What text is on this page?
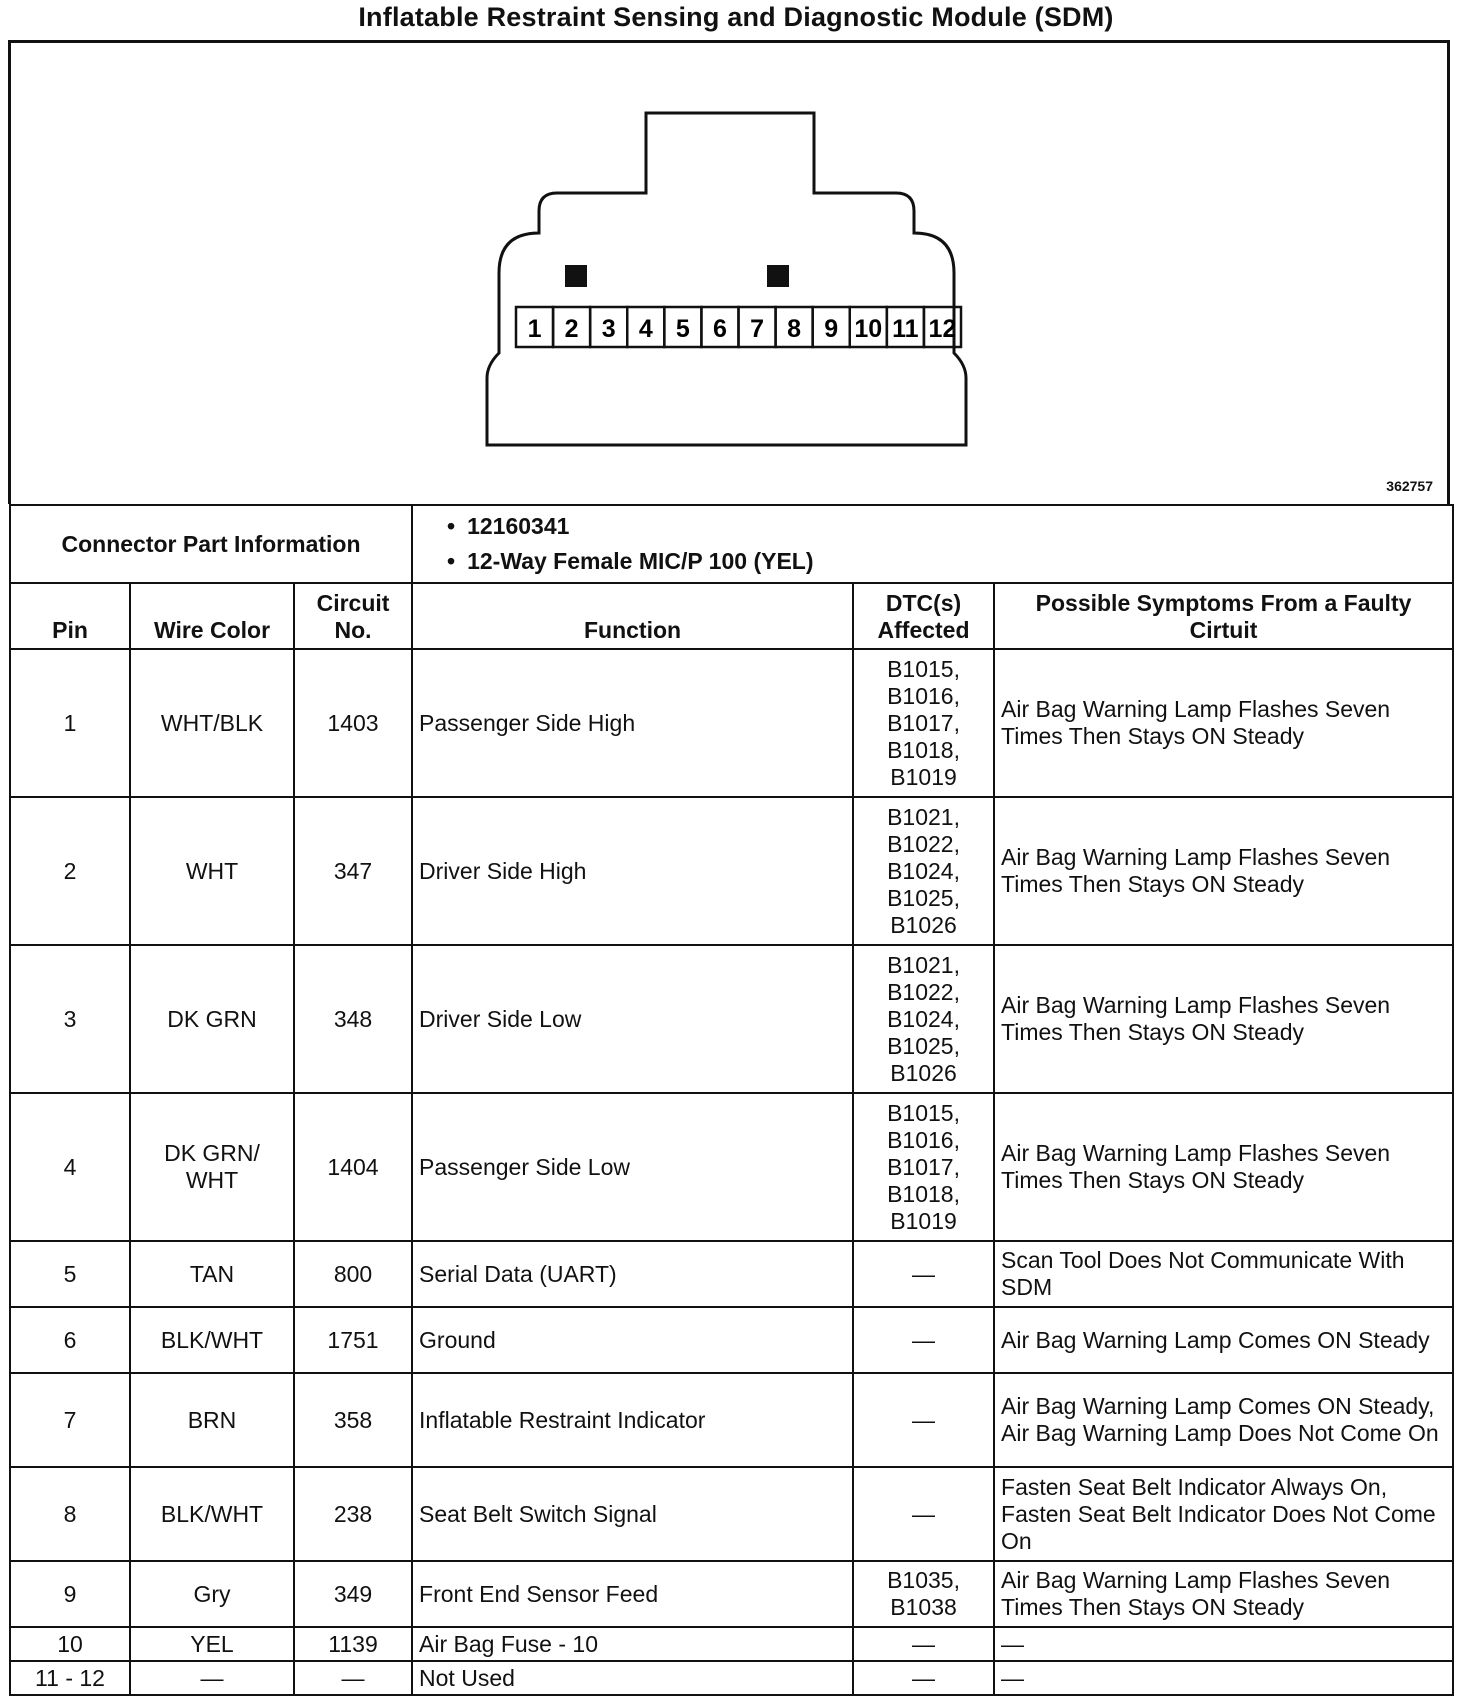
Inflatable Restraint Sensing and Diagnostic Module (SDM)
1 2 3 4 5 6 7 8 9 10 11 12
362757
Connector Part Information			• 12160341
• 12-Way Female MIC/P 100 (YEL)

Pin	Wire Color	Circuit No.	Function	DTC(s) Affected	Possible Symptoms From a Faulty Cirtuit
1	WHT/BLK	1403	Passenger Side High	B1015, B1016, B1017, B1018, B1019	Air Bag Warning Lamp Flashes Seven Times Then Stays ON Steady
2	WHT	347	Driver Side High	B1021, B1022, B1024, B1025, B1026	Air Bag Warning Lamp Flashes Seven Times Then Stays ON Steady
3	DK GRN	348	Driver Side Low	B1021, B1022, B1024, B1025, B1026	Air Bag Warning Lamp Flashes Seven Times Then Stays ON Steady
4	DK GRN/ WHT	1404	Passenger Side Low	B1015, B1016, B1017, B1018, B1019	Air Bag Warning Lamp Flashes Seven Times Then Stays ON Steady
5	TAN	800	Serial Data (UART)	—	Scan Tool Does Not Communicate With SDM
6	BLK/WHT	1751	Ground	—	Air Bag Warning Lamp Comes ON Steady
7	BRN	358	Inflatable Restraint Indicator	—	Air Bag Warning Lamp Comes ON Steady, Air Bag Warning Lamp Does Not Come On
8	BLK/WHT	238	Seat Belt Switch Signal	—	Fasten Seat Belt Indicator Always On, Fasten Seat Belt Indicator Does Not Come On
9	Gry	349	Front End Sensor Feed	B1035, B1038	Air Bag Warning Lamp Flashes Seven Times Then Stays ON Steady
10	YEL	1139	Air Bag Fuse - 10	—	—
11 - 12	—	—	Not Used	—	—
